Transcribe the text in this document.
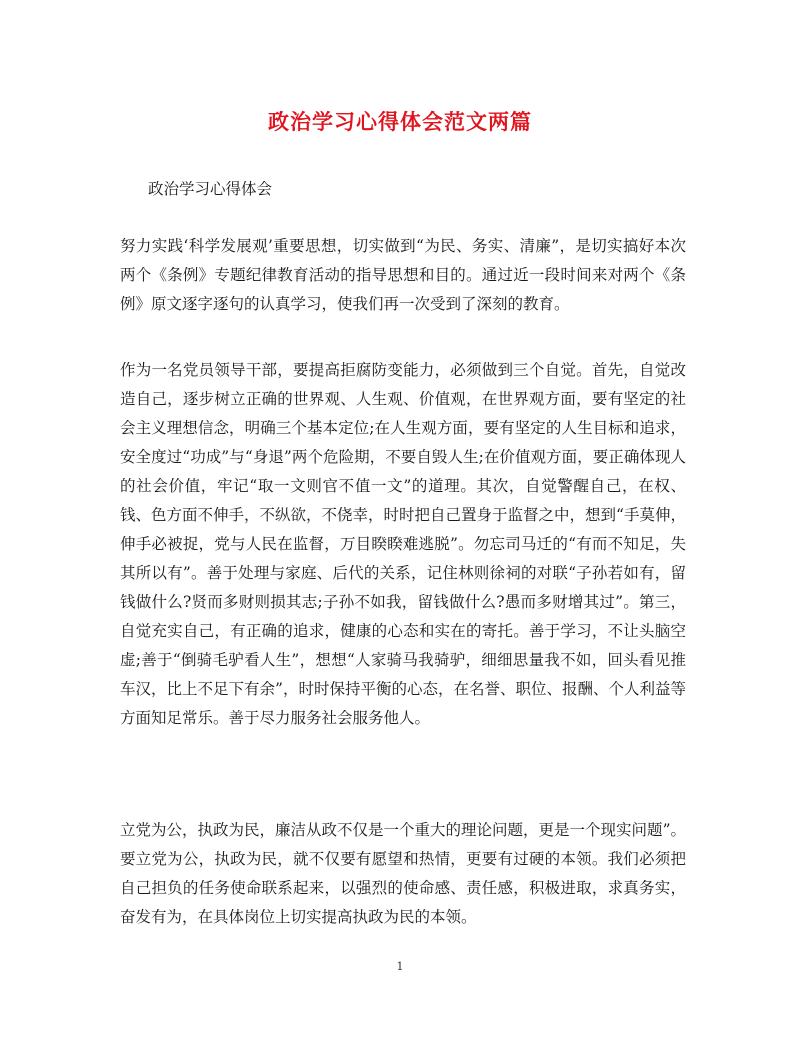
政治学习心得体会范文两篇
政治学习心得体会
努力实践‘科学发展观’重要思想，切实做到“为民、务实、清廉”，是切实搞好本次两个《条例》专题纪律教育活动的指导思想和目的。通过近一段时间来对两个《条例》原文逐字逐句的认真学习，使我们再一次受到了深刻的教育。
作为一名党员领导干部，要提高拒腐防变能力，必须做到三个自觉。首先，自觉改造自己，逐步树立正确的世界观、人生观、价值观，在世界观方面，要有坚定的社会主义理想信念，明确三个基本定位;在人生观方面，要有坚定的人生目标和追求，安全度过“功成”与“身退”两个危险期，不要自毁人生;在价值观方面，要正确体现人的社会价值，牢记“取一文则官不值一文”的道理。其次，自觉警醒自己，在权、钱、色方面不伸手，不纵欲，不侥幸，时时把自己置身于监督之中，想到“手莫伸，伸手必被捉，党与人民在监督，万目睽睽难逃脱”。勿忘司马迁的“有而不知足，失其所以有”。善于处理与家庭、后代的关系，记住林则徐祠的对联“子孙若如有，留钱做什么?贤而多财则损其志;子孙不如我，留钱做什么?愚而多财增其过”。第三，自觉充实自己，有正确的追求，健康的心态和实在的寄托。善于学习，不让头脑空虚;善于“倒骑毛驴看人生”，想想“人家骑马我骑驴，细细思量我不如，回头看见推车汉，比上不足下有余”，时时保持平衡的心态，在名誉、职位、报酬、个人利益等方面知足常乐。善于尽力服务社会服务他人。
立党为公，执政为民，廉洁从政不仅是一个重大的理论问题，更是一个现实问题”。要立党为公，执政为民，就不仅要有愿望和热情，更要有过硬的本领。我们必须把自己担负的任务使命联系起来，以强烈的使命感、责任感，积极进取，求真务实，奋发有为，在具体岗位上切实提高执政为民的本领。
1
